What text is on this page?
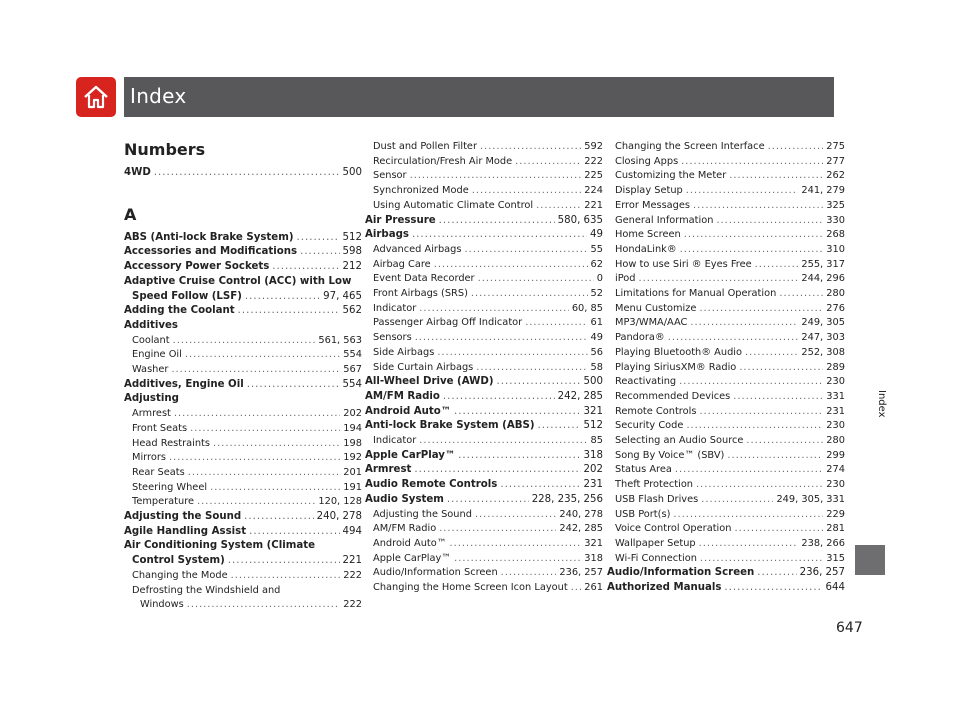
Index
Index
647
Numbers
4WD .....	500
A
ABS (Anti-lock Brake System) .....	512
Accessories and Modifications .....	598
Accessory Power Sockets .....	212
Adaptive Cruise Control (ACC) with Low
Speed Follow (LSF) .....	97, 465
Adding the Coolant .....	562
Additives
Coolant .....	561, 563
Engine Oil .....	554
Washer .....	567
Additives, Engine Oil .....	554
Adjusting
Armrest .....	202
Front Seats .....	194
Head Restraints .....	198
Mirrors .....	192
Rear Seats .....	201
Steering Wheel .....	191
Temperature .....	120, 128
Adjusting the Sound .....	240, 278
Agile Handling Assist .....	494
Air Conditioning System (Climate
Control System) .....	221
Changing the Mode .....	222
Defrosting the Windshield and
Windows .....	222
Dust and Pollen Filter .....	592
Recirculation/Fresh Air Mode .....	222
Sensor .....	225
Synchronized Mode .....	224
Using Automatic Climate Control .....	221
Air Pressure .....	580, 635
Airbags .....	49
Advanced Airbags .....	55
Airbag Care .....	62
Event Data Recorder .....	0
Front Airbags (SRS) .....	52
Indicator .....	60, 85
Passenger Airbag Off Indicator .....	61
Sensors .....	49
Side Airbags .....	56
Side Curtain Airbags .....	58
All-Wheel Drive (AWD) .....	500
AM/FM Radio .....	242, 285
Android Auto™ .....	321
Anti-lock Brake System (ABS) .....	512
Indicator .....	85
Apple CarPlay™ .....	318
Armrest .....	202
Audio Remote Controls .....	231
Audio System .....	228, 235, 256
Adjusting the Sound .....	240, 278
AM/FM Radio .....	242, 285
Android Auto™ .....	321
Apple CarPlay™ .....	318
Audio/Information Screen .....	236, 257
Changing the Home Screen Icon Layout ..... 261
Changing the Screen Interface .....	275
Closing Apps .....	277
Customizing the Meter .....	262
Display Setup .....	241, 279
Error Messages .....	325
General Information .....	330
Home Screen .....	268
HondaLink® .....	310
How to use Siri ® Eyes Free .....	255, 317
iPod .....	244, 296
Limitations for Manual Operation .....	280
Menu Customize .....	276
MP3/WMA/AAC .....	249, 305
Pandora® .....	247, 303
Playing Bluetooth® Audio .....	252, 308
Playing SiriusXM® Radio .....	289
Reactivating .....	230
Recommended Devices .....	331
Remote Controls .....	231
Security Code .....	230
Selecting an Audio Source .....	280
Song By Voice™ (SBV) .....	299
Status Area .....	274
Theft Protection .....	230
USB Flash Drives .....	249, 305, 331
USB Port(s) .....	229
Voice Control Operation .....	281
Wallpaper Setup .....	238, 266
Wi-Fi Connection .....	315
Audio/Information Screen .....	236, 257
Authorized Manuals .....	644
